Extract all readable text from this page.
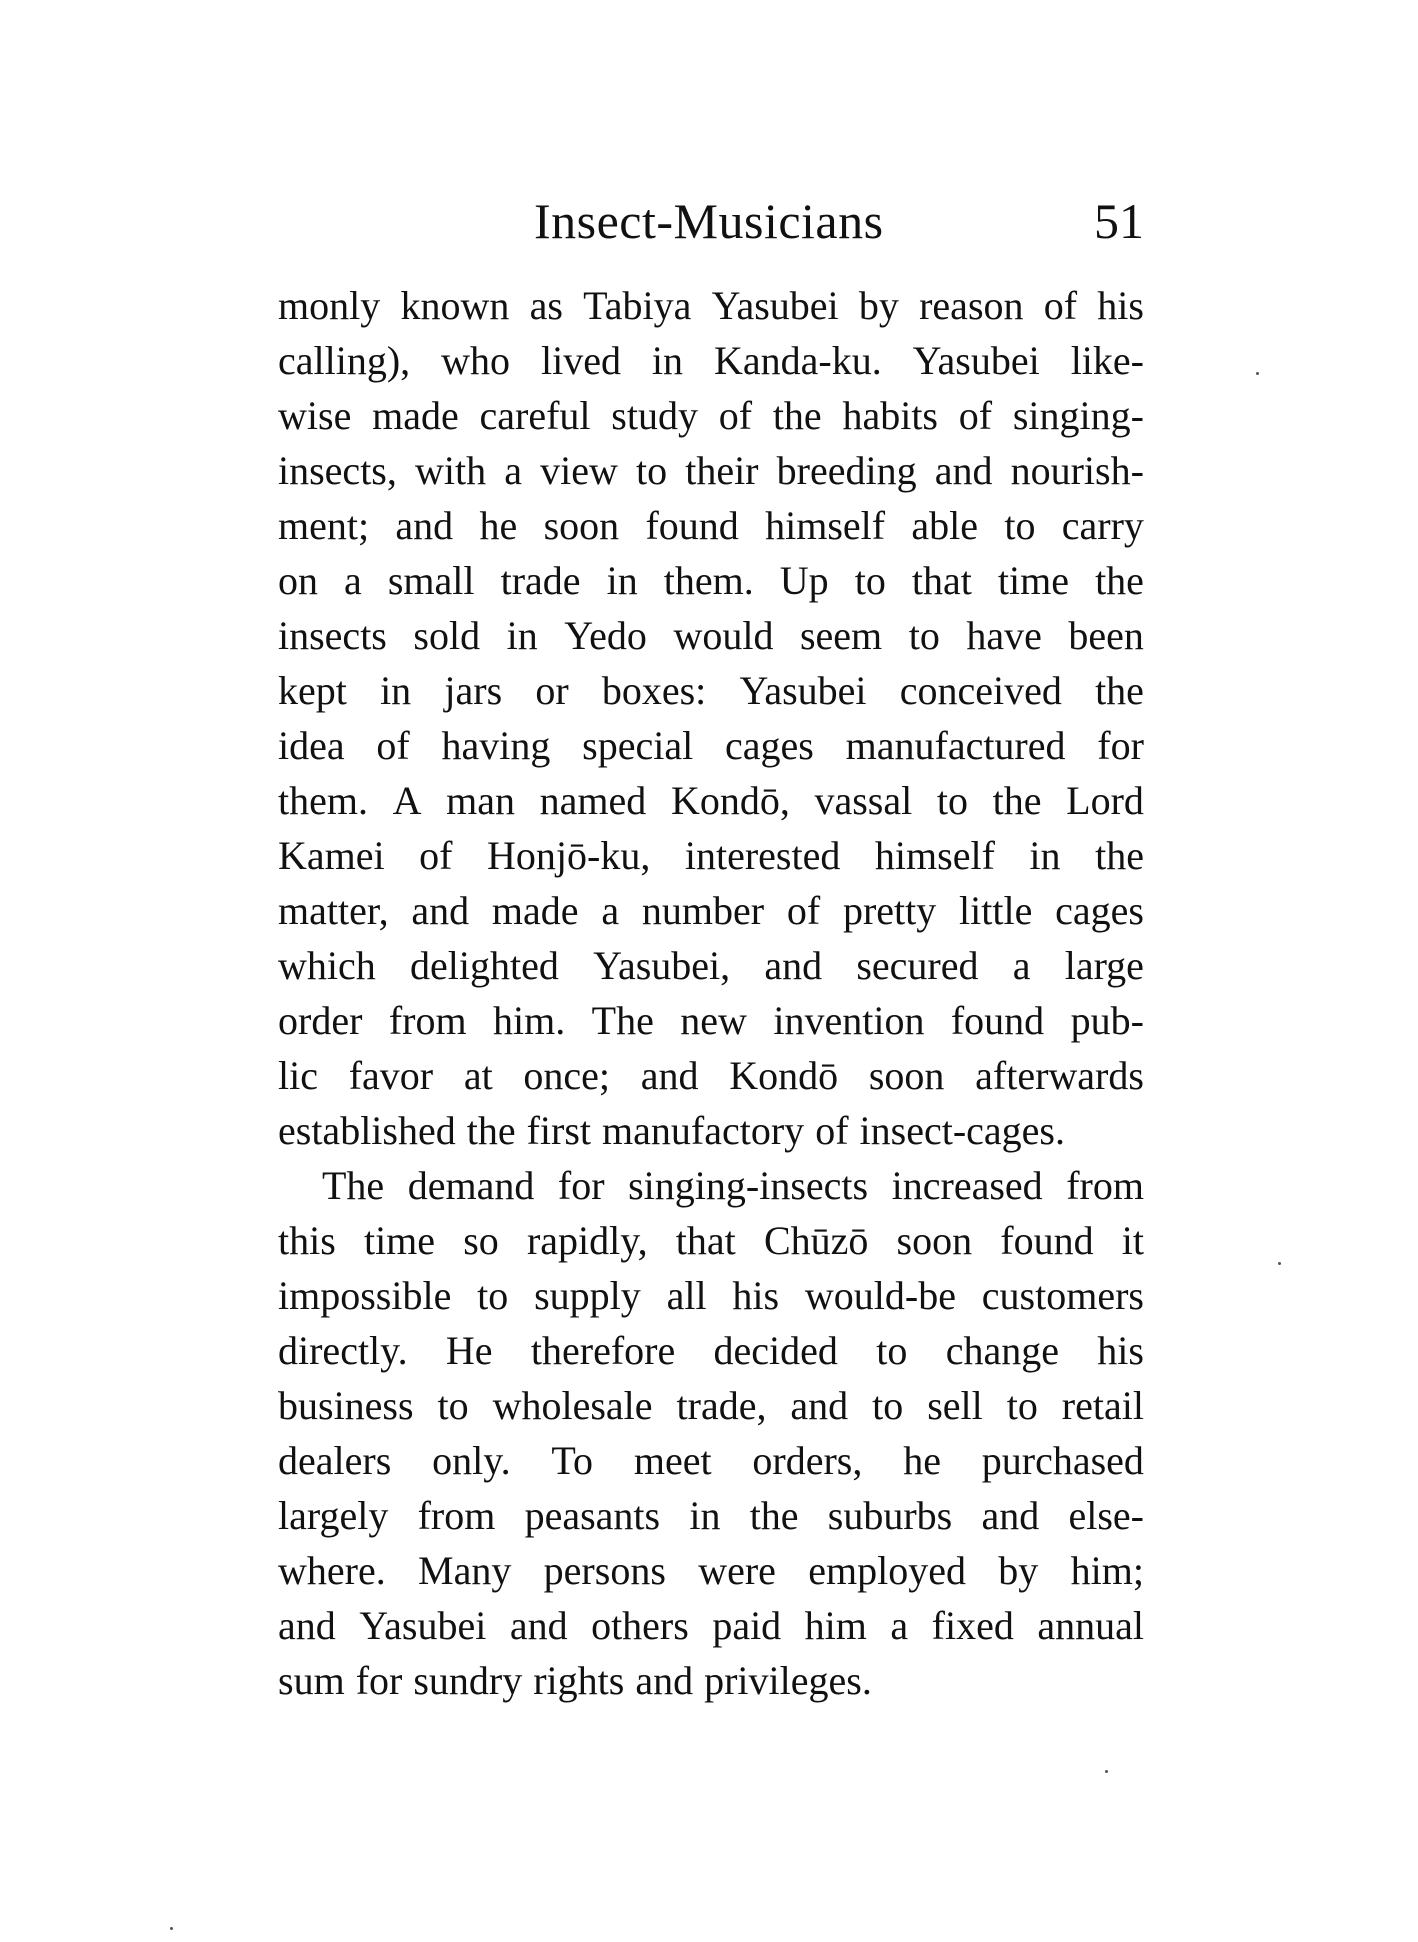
Insect-Musicians	51
monly known as Tabiya Yasubei by reason of his
calling), who lived in Kanda-ku. Yasubei like-
wise made careful study of the habits of singing-
insects, with a view to their breeding and nourish-
ment; and he soon found himself able to carry
on a small trade in them. Up to that time the
insects sold in Yedo would seem to have been
kept in jars or boxes: Yasubei conceived the
idea of having special cages manufactured for
them. A man named Kondō, vassal to the Lord
Kamei of Honjō-ku, interested himself in the
matter, and made a number of pretty little cages
which delighted Yasubei, and secured a large
order from him. The new invention found pub-
lic favor at once; and Kondō soon afterwards
established the first manufactory of insect-cages.
The demand for singing-insects increased from
this time so rapidly, that Chūzō soon found it
impossible to supply all his would-be customers
directly. He therefore decided to change his
business to wholesale trade, and to sell to retail
dealers only. To meet orders, he purchased
largely from peasants in the suburbs and else-
where. Many persons were employed by him;
and Yasubei and others paid him a fixed annual
sum for sundry rights and privileges.
